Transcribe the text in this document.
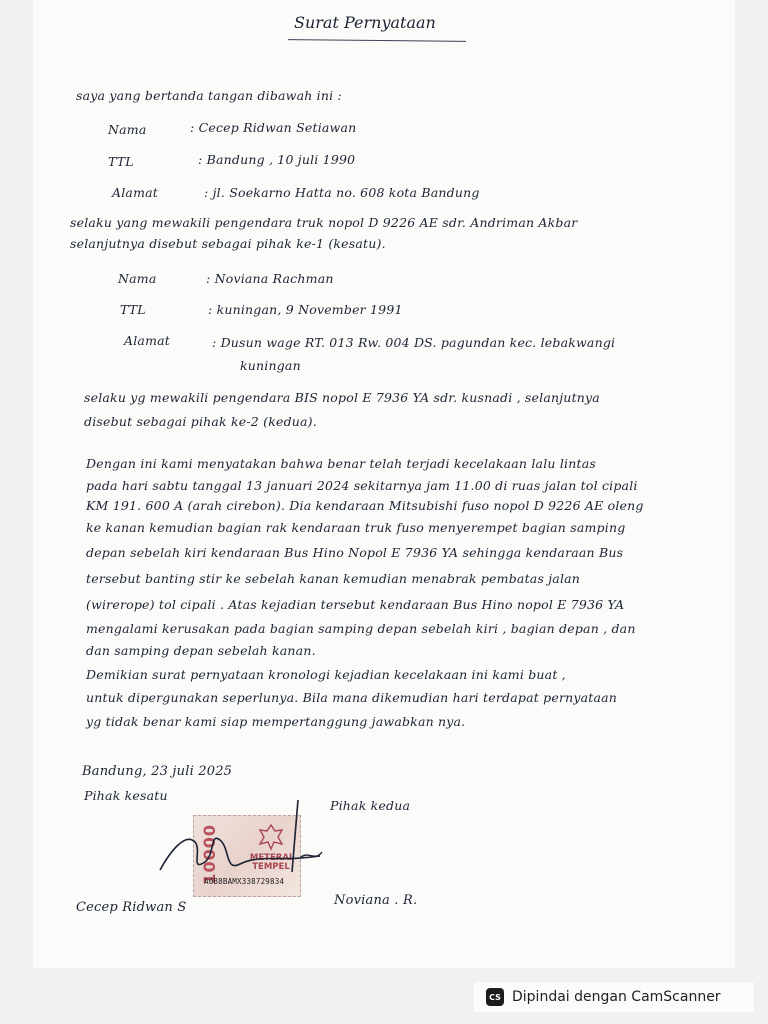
Surat Pernyataan
saya yang bertanda tangan dibawah ini :
Nama	: Cecep Ridwan Setiawan
TTL	: Bandung , 10 juli 1990
Alamat	: jl. Soekarno Hatta no. 608 kota Bandung
selaku yang mewakili pengendara truk nopol D 9226 AE sdr. Andriman Akbar
selanjutnya disebut sebagai pihak ke-1 (kesatu).
Nama	: Noviana Rachman
TTL	: kuningan, 9 November 1991
Alamat	: Dusun wage RT. 013 Rw. 004 DS. pagundan kec. lebakwangi
kuningan
selaku yg mewakili pengendara BIS nopol E 7936 YA sdr. kusnadi , selanjutnya
disebut sebagai pihak ke-2 (kedua).
Dengan ini kami menyatakan bahwa benar telah terjadi kecelakaan lalu lintas
pada hari sabtu tanggal 13 januari 2024 sekitarnya jam 11.00 di ruas jalan tol cipali
KM 191. 600 A (arah cirebon). Dia kendaraan Mitsubishi fuso nopol D 9226 AE oleng
ke kanan kemudian bagian rak kendaraan truk fuso menyerempet bagian samping
depan sebelah kiri kendaraan Bus Hino Nopol E 7936 YA sehingga kendaraan Bus
tersebut banting stir ke sebelah kanan kemudian menabrak pembatas jalan
(wirerope) tol cipali . Atas kejadian tersebut kendaraan Bus Hino nopol E 7936 YA
mengalami kerusakan pada bagian samping depan sebelah kiri , bagian depan , dan
dan samping depan sebelah kanan.
Demikian surat pernyataan kronologi kejadian kecelakaan ini kami buat ,
untuk dipergunakan seperlunya. Bila mana dikemudian hari terdapat pernyataan
yg tidak benar kami siap mempertanggung jawabkan nya.
Bandung, 23 juli 2025
Pihak kesatu
Pihak kedua
10000	METERAI TEMPEL
A0B8BAMX338729834
Cecep Ridwan S	Noviana . R.
CS Dipindai dengan CamScanner
